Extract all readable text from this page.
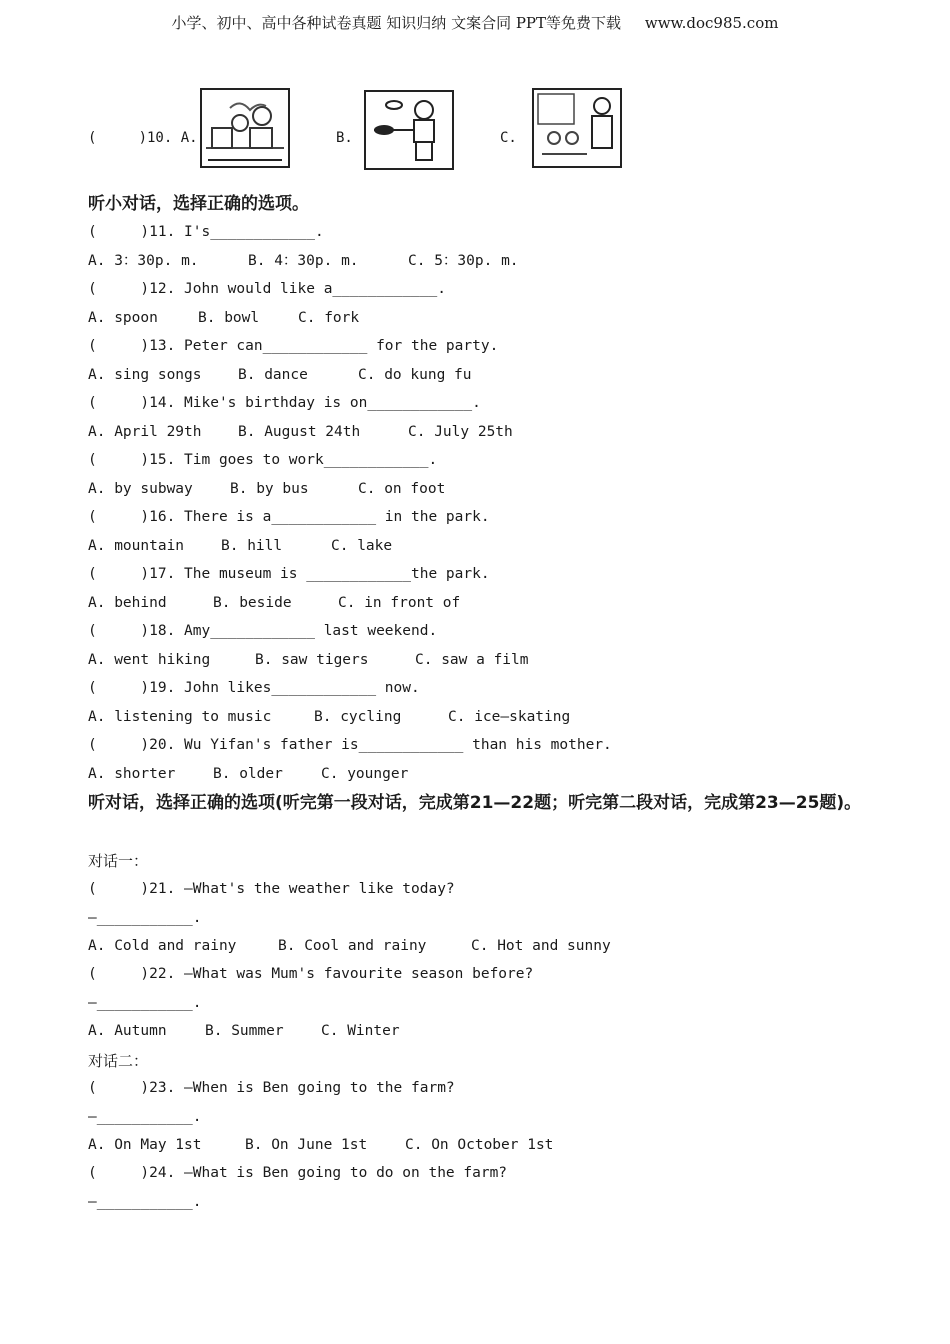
小学、初中、高中各种试卷真题 知识归纳 文案合同 PPT等免费下载     www.doc985.com
(     )10. A.	B.	C.
听小对话，选择正确的选项。
(     )11. I's____________.
A. 3：30p. m.	B. 4：30p. m.	C. 5：30p. m.
(     )12. John would like a____________.
A. spoon	B. bowl	C. fork
(     )13. Peter can____________ for the party.
A. sing songs	B. dance	C. do kung fu
(     )14. Mike's birthday is on____________.
A. April 29th	B. August 24th	C. July 25th
(     )15. Tim goes to work____________.
A. by subway	B. by bus	C. on foot
(     )16. There is a____________ in the park.
A. mountain	B. hill	C. lake
(     )17. The museum is ____________the park.
A. behind	B. beside	C. in front of
(     )18. Amy____________ last weekend.
A. went hiking	B. saw tigers	C. saw a film
(     )19. John likes____________ now.
A. listening to music	B. cycling	C. ice—skating
(     )20. Wu Yifan's father is____________ than his mother.
A. shorter	B. older	C. younger
听对话，选择正确的选项(听完第一段对话，完成第21—22题；听完第二段对话，完成第23—25题)。
对话一：
对话二：
(     )21. —What's the weather like today?
—___________.
A. Cold and rainy	B. Cool and rainy	C. Hot and sunny
(     )22. —What was Mum's favourite season before?
—___________.
A. Autumn	B. Summer	C. Winter
(     )23. —When is Ben going to the farm?
—___________.
A. On May 1st	B. On June 1st	C. On October 1st
(     )24. —What is Ben going to do on the farm?
—___________.
